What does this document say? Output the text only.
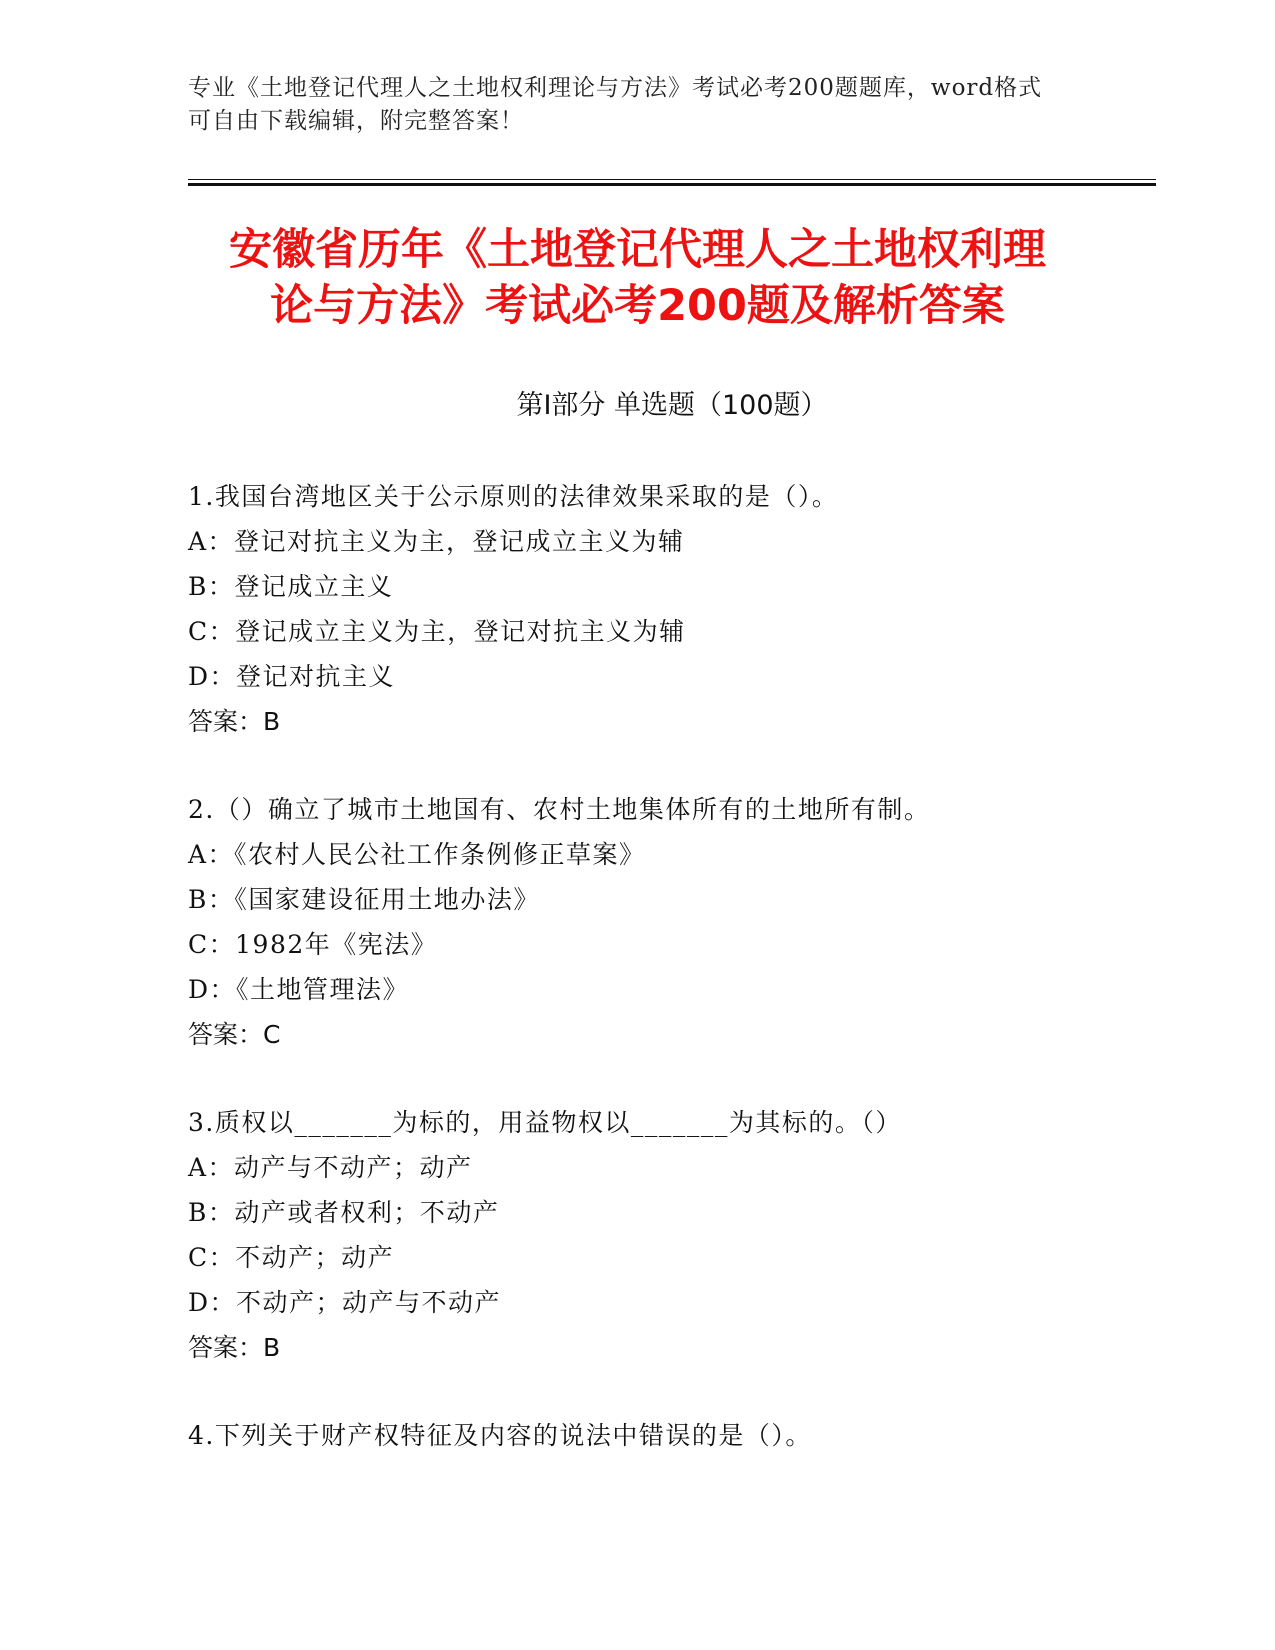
专业《土地登记代理人之土地权利理论与方法》考试必考200题题库，word格式
可自由下载编辑，附完整答案！
安徽省历年《土地登记代理人之土地权利理
论与方法》考试必考200题及解析答案
第I部分 单选题（100题）
1.我国台湾地区关于公示原则的法律效果采取的是（）。
A：登记对抗主义为主，登记成立主义为辅
B：登记成立主义
C：登记成立主义为主，登记对抗主义为辅
D：登记对抗主义
答案：B
2.（）确立了城市土地国有、农村土地集体所有的土地所有制。
A：《农村人民公社工作条例修正草案》
B：《国家建设征用土地办法》
C：1982年《宪法》
D：《土地管理法》
答案：C
3.质权以_______为标的，用益物权以_______为其标的。（）
A：动产与不动产；动产
B：动产或者权利；不动产
C：不动产；动产
D：不动产；动产与不动产
答案：B
4.下列关于财产权特征及内容的说法中错误的是（）。
